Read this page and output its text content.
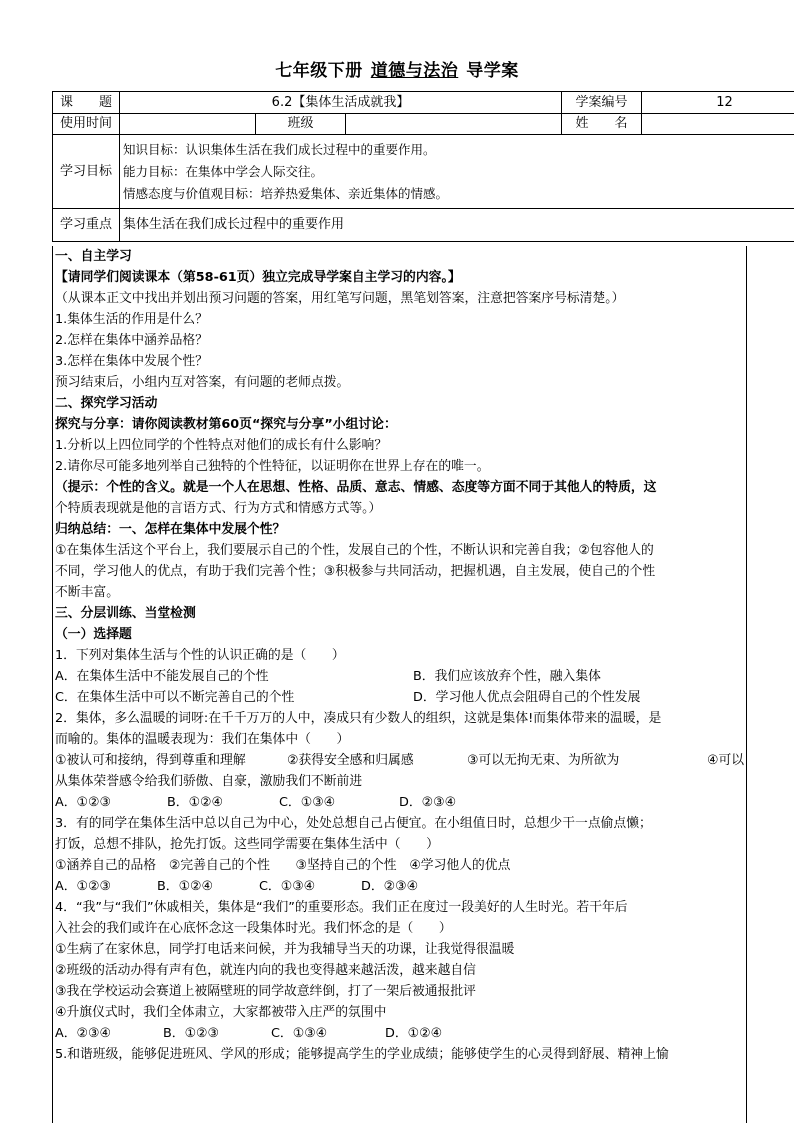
七年级下册 道德与法治 导学案
课　　题	6.2【集体生活成就我】			学案编号	12
使用时间		班级		姓　　名	
学习目标	知识目标：认识集体生活在我们成长过程中的重要作用。
能力目标：在集体中学会人际交往。
情感态度与价值观目标：培养热爱集体、亲近集体的情感。				

学习重点	集体生活在我们成长过程中的重要作用				
一、自主学习
【请同学们阅读课本（第58-61页）独立完成导学案自主学习的内容。】
（从课本正文中找出并划出预习问题的答案，用红笔写问题，黑笔划答案，注意把答案序号标清楚。）
1.集体生活的作用是什么？
2.怎样在集体中涵养品格？
3.怎样在集体中发展个性？
预习结束后，小组内互对答案，有问题的老师点拨。
二、探究学习活动
探究与分享：请你阅读教材第60页“探究与分享”小组讨论：
1.分析以上四位同学的个性特点对他们的成长有什么影响？
2.请你尽可能多地列举自己独特的个性特征，以证明你在世界上存在的唯一。
（提示：个性的含义。就是一个人在思想、性格、品质、意志、情感、态度等方面不同于其他人的特质，这
个特质表现就是他的言语方式、行为方式和情感方式等。）
归纳总结：一、怎样在集体中发展个性？
①在集体生活这个平台上，我们要展示自己的个性，发展自己的个性，不断认识和完善自我；②包容他人的
不同，学习他人的优点，有助于我们完善个性；③积极参与共同活动，把握机遇，自主发展，使自己的个性
不断丰富。
三、分层训练、当堂检测
（一）选择题
1．下列对集体生活与个性的认识正确的是（　　）
A．在集体生活中不能发展自己的个性	B．我们应该放弃个性，融入集体
C．在集体生活中可以不断完善自己的个性	D．学习他人优点会阻碍自己的个性发展
2．集体，多么温暖的词呀:在千千万万的人中，凑成只有少数人的组织，这就是集体!而集体带来的温暖，是
而喻的。集体的温暖表现为：我们在集体中（　　）
①被认可和接纳，得到尊重和理解	②获得安全感和归属感	③可以无拘无束、为所欲为	④可以
从集体荣誉感令给我们骄傲、自豪，激励我们不断前进
A．①②③	B．①②④	C．①③④	D．②③④
3．有的同学在集体生活中总以自己为中心，处处总想自己占便宜。在小组值日时，总想少干一点偷点懒；
打饭，总想不排队，抢先打饭。这些同学需要在集体生活中（　　）
①涵养自己的品格　②完善自己的个性　　③坚持自己的个性　④学习他人的优点
A．①②③	B．①②④	C．①③④	D．②③④
4．“我”与“我们”休戚相关，集体是“我们”的重要形态。我们正在度过一段美好的人生时光。若干年后
入社会的我们或许在心底怀念这一段集体时光。我们怀念的是（　　）
①生病了在家休息，同学打电话来问候，并为我辅导当天的功课，让我觉得很温暖
②班级的活动办得有声有色，就连内向的我也变得越来越活泼，越来越自信
③我在学校运动会赛道上被隔壁班的同学故意绊倒，打了一架后被通报批评
④升旗仪式时，我们全体肃立，大家都被带入庄严的氛围中
A．②③④	B．①②③	C．①③④	D．①②④
5.和谐班级，能够促进班风、学风的形成；能够提高学生的学业成绩；能够使学生的心灵得到舒展、精神上愉
